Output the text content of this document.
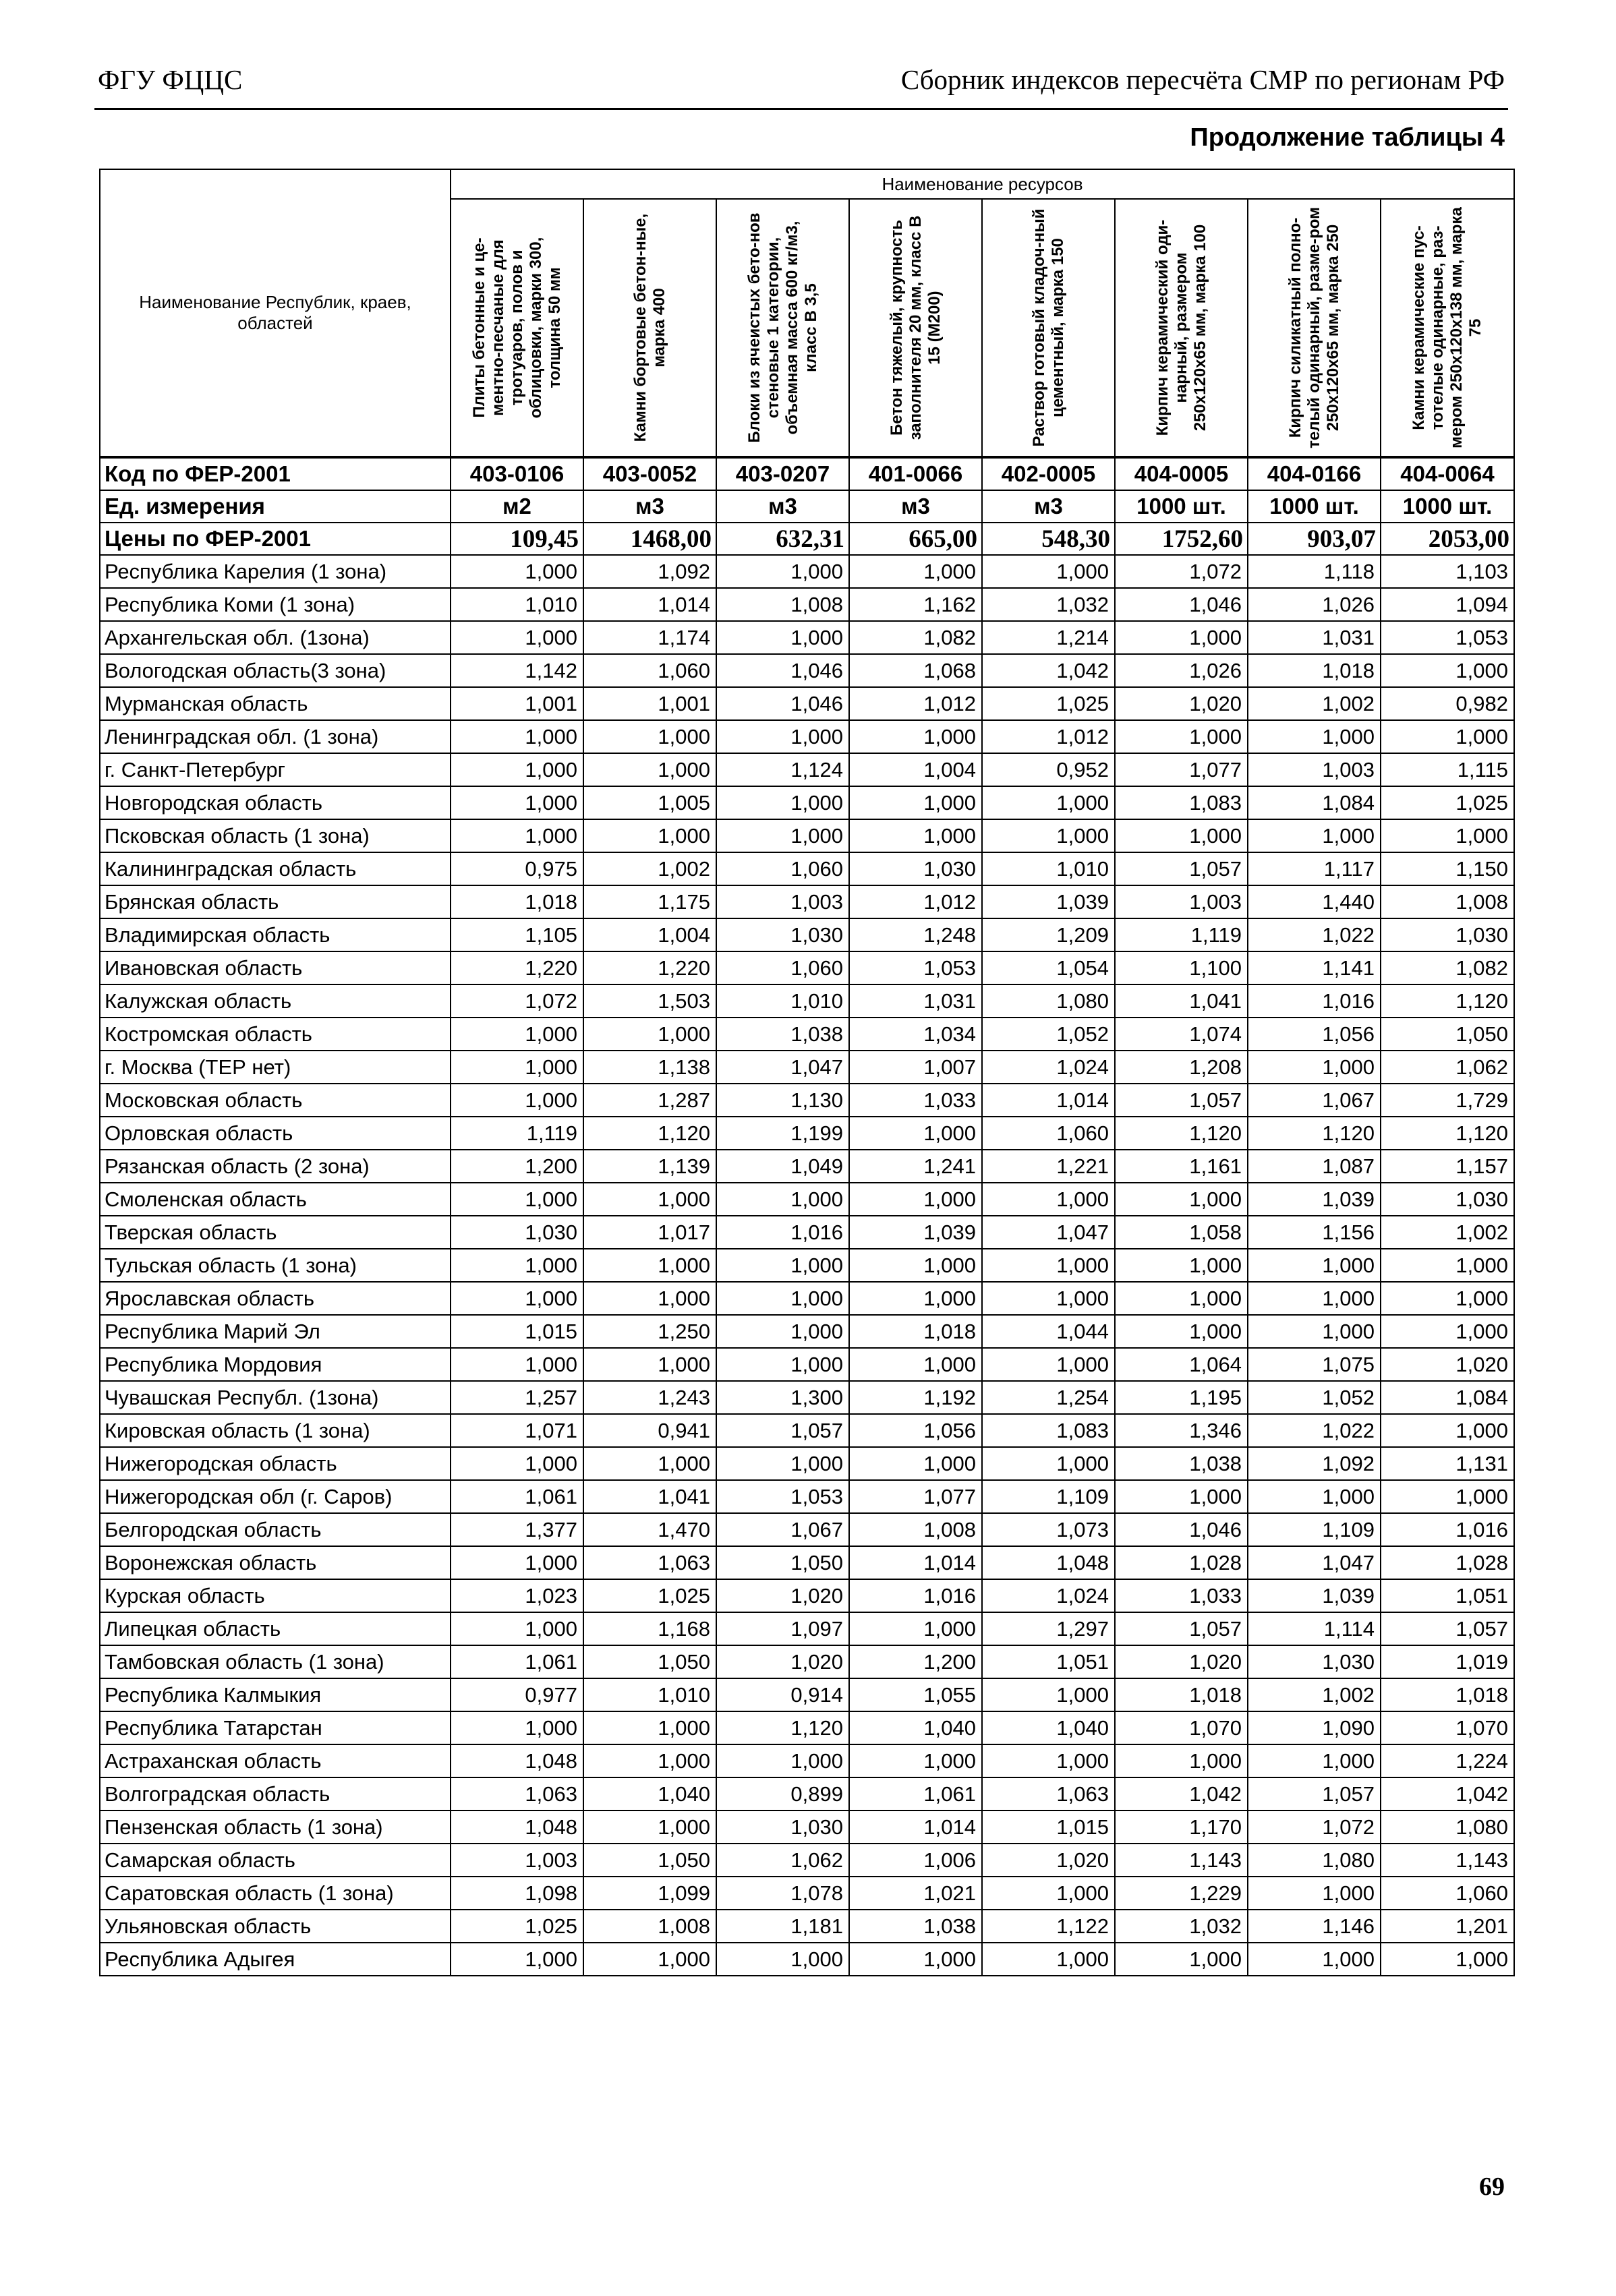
ФГУ ФЦЦС	Сборник индексов пересчёта СМР по регионам РФ
Продолжение таблицы 4
Наименование Республик, краев, областей	Наименование ресурсов							

	Плиты бетонные и це-ментно-песчаные для тротуаров, полов и облицовки, марки 300, толщина 50 мм	Камни бортовые бетон-ные, марка 400	Блоки из ячеистых бето-нов стеновые 1 категории, объемная масса 600 кг/м3, класс В 3,5	Бетон тяжелый, крупность заполнителя 20 мм, класс В 15 (М200)	Раствор готовый кладоч-ный цементный, марка 150	Кирпич керамический оди-нарный, размером 250x120x65 мм, марка 100	Кирпич силикатный полно-телый одинарный, разме-ром 250x120x65 мм, марка 250	Камни керамические пус-тотелые одинарные, раз-мером 250x120x138 мм, марка 75

Код по ФЕР-2001	403-0106	403-0052	403-0207	401-0066	402-0005	404-0005	404-0166	404-0064
Ед. измерения	м2	м3	м3	м3	м3	1000 шт.	1000 шт.	1000 шт.
Цены по ФЕР-2001	109,45	1468,00	632,31	665,00	548,30	1752,60	903,07	2053,00
Республика Карелия (1 зона)	1,000	1,092	1,000	1,000	1,000	1,072	1,118	1,103
Республика Коми (1 зона)	1,010	1,014	1,008	1,162	1,032	1,046	1,026	1,094
Архангельская обл. (1зона)	1,000	1,174	1,000	1,082	1,214	1,000	1,031	1,053
Вологодская область(3 зона)	1,142	1,060	1,046	1,068	1,042	1,026	1,018	1,000
Мурманская область	1,001	1,001	1,046	1,012	1,025	1,020	1,002	0,982
Ленинградская обл. (1 зона)	1,000	1,000	1,000	1,000	1,012	1,000	1,000	1,000
г. Санкт-Петербург	1,000	1,000	1,124	1,004	0,952	1,077	1,003	1,115
Новгородская область	1,000	1,005	1,000	1,000	1,000	1,083	1,084	1,025
Псковская область (1 зона)	1,000	1,000	1,000	1,000	1,000	1,000	1,000	1,000
Калининградская область	0,975	1,002	1,060	1,030	1,010	1,057	1,117	1,150
Брянская область	1,018	1,175	1,003	1,012	1,039	1,003	1,440	1,008
Владимирская область	1,105	1,004	1,030	1,248	1,209	1,119	1,022	1,030
Ивановская область	1,220	1,220	1,060	1,053	1,054	1,100	1,141	1,082
Калужская область	1,072	1,503	1,010	1,031	1,080	1,041	1,016	1,120
Костромская область	1,000	1,000	1,038	1,034	1,052	1,074	1,056	1,050
г. Москва (ТЕР нет)	1,000	1,138	1,047	1,007	1,024	1,208	1,000	1,062
Московская область	1,000	1,287	1,130	1,033	1,014	1,057	1,067	1,729
Орловская область	1,119	1,120	1,199	1,000	1,060	1,120	1,120	1,120
Рязанская область (2 зона)	1,200	1,139	1,049	1,241	1,221	1,161	1,087	1,157
Смоленская область	1,000	1,000	1,000	1,000	1,000	1,000	1,039	1,030
Тверская область	1,030	1,017	1,016	1,039	1,047	1,058	1,156	1,002
Тульская область (1 зона)	1,000	1,000	1,000	1,000	1,000	1,000	1,000	1,000
Ярославская область	1,000	1,000	1,000	1,000	1,000	1,000	1,000	1,000
Республика Марий Эл	1,015	1,250	1,000	1,018	1,044	1,000	1,000	1,000
Республика Мордовия	1,000	1,000	1,000	1,000	1,000	1,064	1,075	1,020
Чувашская Республ. (1зона)	1,257	1,243	1,300	1,192	1,254	1,195	1,052	1,084
Кировская область (1 зона)	1,071	0,941	1,057	1,056	1,083	1,346	1,022	1,000
Нижегородская область	1,000	1,000	1,000	1,000	1,000	1,038	1,092	1,131
Нижегородская обл (г. Саров)	1,061	1,041	1,053	1,077	1,109	1,000	1,000	1,000
Белгородская область	1,377	1,470	1,067	1,008	1,073	1,046	1,109	1,016
Воронежская область	1,000	1,063	1,050	1,014	1,048	1,028	1,047	1,028
Курская область	1,023	1,025	1,020	1,016	1,024	1,033	1,039	1,051
Липецкая область	1,000	1,168	1,097	1,000	1,297	1,057	1,114	1,057
Тамбовская область (1 зона)	1,061	1,050	1,020	1,200	1,051	1,020	1,030	1,019
Республика Калмыкия	0,977	1,010	0,914	1,055	1,000	1,018	1,002	1,018
Республика Татарстан	1,000	1,000	1,120	1,040	1,040	1,070	1,090	1,070
Астраханская область	1,048	1,000	1,000	1,000	1,000	1,000	1,000	1,224
Волгоградская область	1,063	1,040	0,899	1,061	1,063	1,042	1,057	1,042
Пензенская область (1 зона)	1,048	1,000	1,030	1,014	1,015	1,170	1,072	1,080
Самарская область	1,003	1,050	1,062	1,006	1,020	1,143	1,080	1,143
Саратовская область (1 зона)	1,098	1,099	1,078	1,021	1,000	1,229	1,000	1,060
Ульяновская область	1,025	1,008	1,181	1,038	1,122	1,032	1,146	1,201
Республика Адыгея	1,000	1,000	1,000	1,000	1,000	1,000	1,000	1,000
69
